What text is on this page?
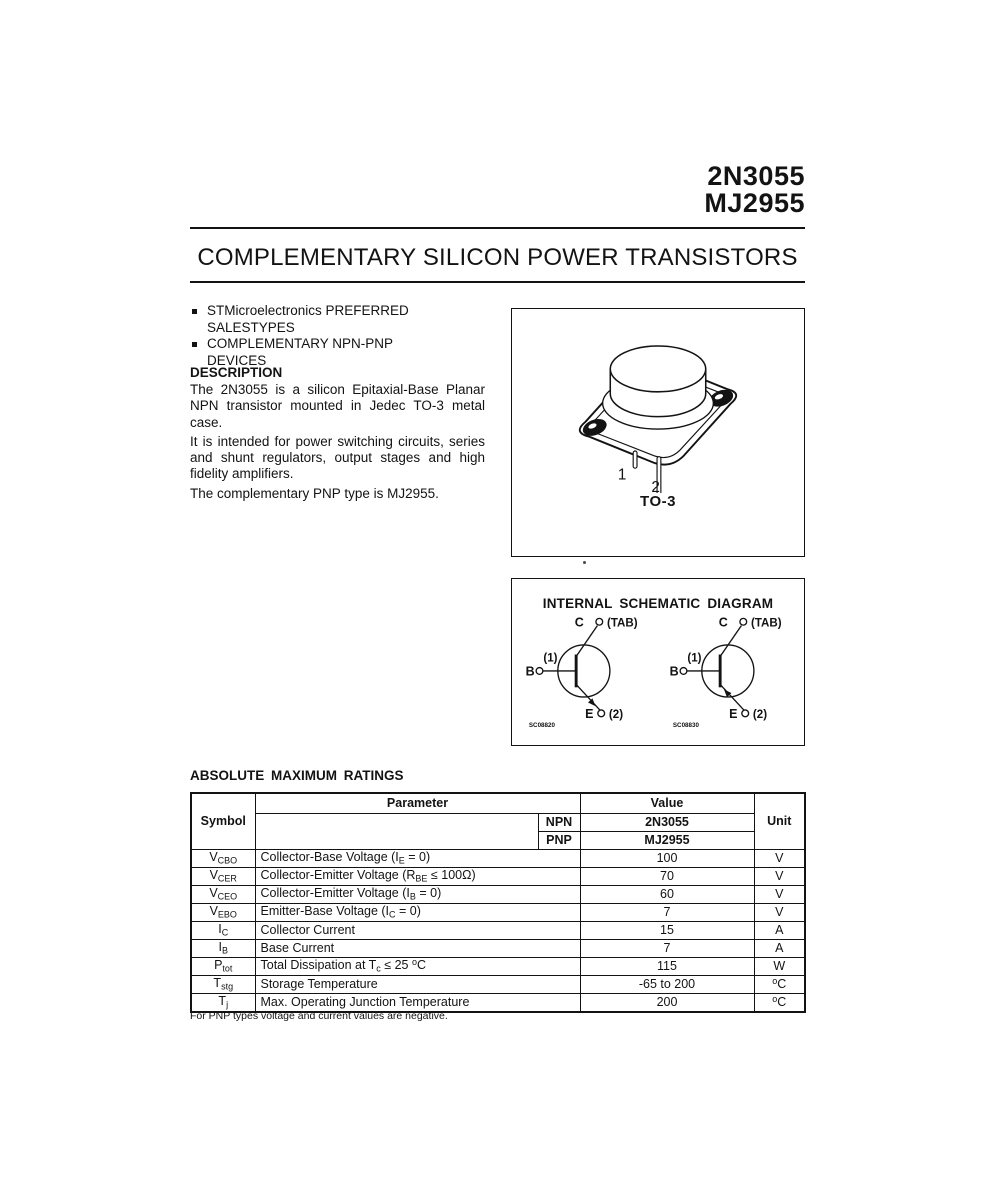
2N3055
MJ2955
COMPLEMENTARY SILICON POWER TRANSISTORS
STMicroelectronics PREFERRED SALESTYPES
COMPLEMENTARY NPN-PNP DEVICES
DESCRIPTION

The 2N3055 is a silicon Epitaxial-Base Planar NPN transistor mounted in Jedec TO-3 metal case.

It is intended for power switching circuits, series and shunt regulators, output stages and high fidelity amplifiers.

The complementary PNP type is MJ2955.

1
2
TO-3
INTERNAL SCHEMATIC DIAGRAM
C (TAB)
B
(1)
E (2)
SC08820
C (TAB)
B
(1)
E (2)
SC08830
ABSOLUTE MAXIMUM RATINGS
Symbol	Parameter		Value	Unit
		NPN	2N3055	
		PNP	MJ2955	
$V_{CBO}$	Collector-Base Voltage $(I_E = 0)$		100	V
$V_{CER}$	Collector-Emitter Voltage $(R_{BE} \le 100\Omega)$		70	V
$V_{CEO}$	Collector-Emitter Voltage $(I_B = 0)$		60	V
$V_{EBO}$	Emitter-Base Voltage $(I_C = 0)$		7	V
$I_C$	Collector Current		15	A
$I_B$	Base Current		7	A
$P_{tot}$	Total Dissipation at $T_c \le 25$ $^o$C		115	W
$T_{stg}$	Storage Temperature		-65 to 200	$^o$C
$T_j$	Max. Operating Junction Temperature		200	$^o$C
For PNP types voltage and current values are negative.
